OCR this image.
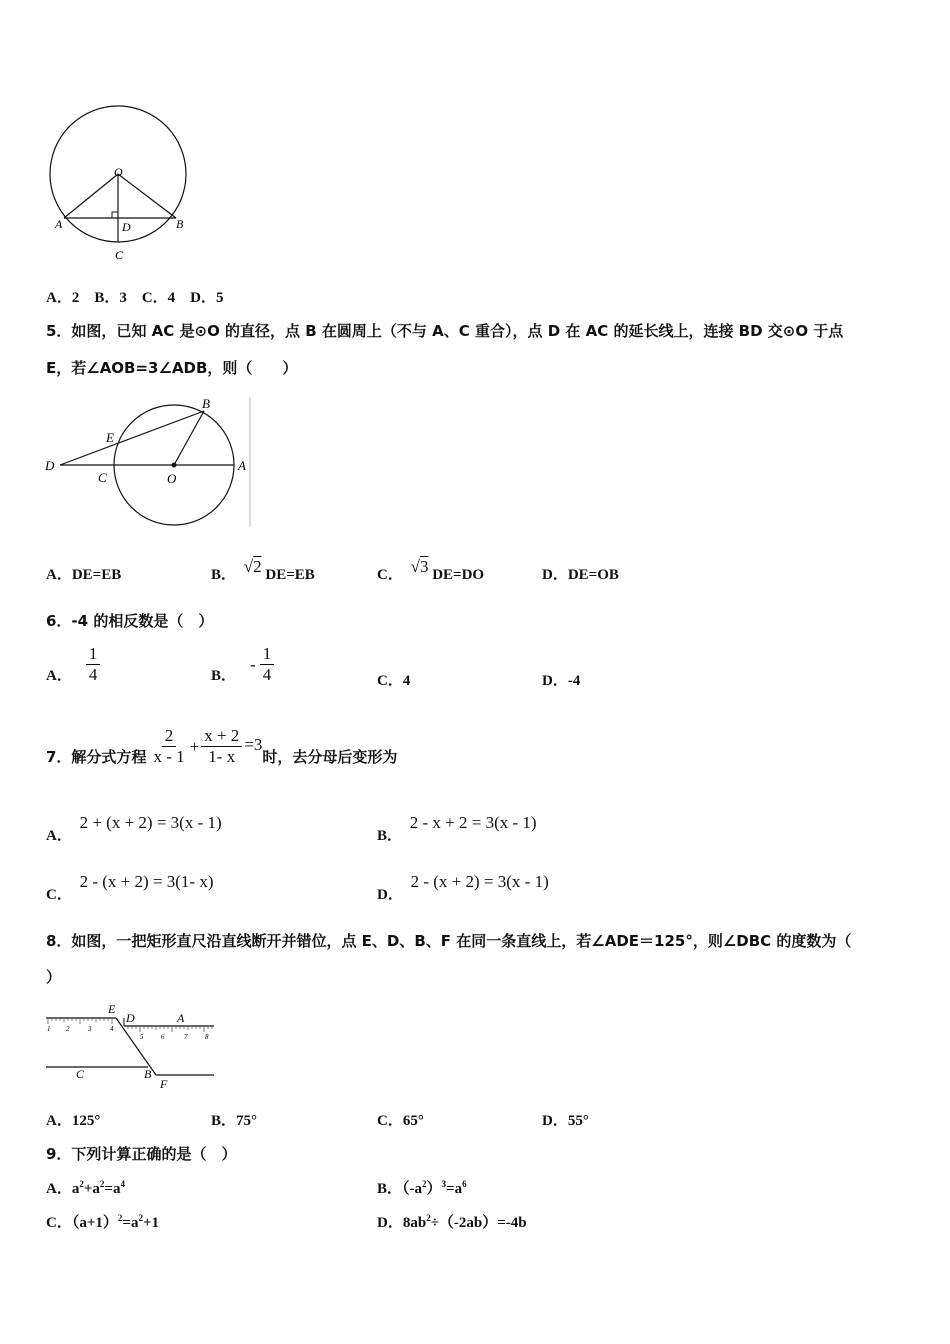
O
A	B
D
C
A．2　B．3　C．4　D．5
5．如图，已知 AC 是⊙O 的直径，点 B 在圆周上（不与 A、C 重合），点 D 在 AC 的延长线上，连接 BD 交⊙O 于点
E，若∠AOB=3∠ADB，则（　　）
B
E
D
C	O
A
A．DE=EB	B． √2 DE=EB	C． √3 DE=DO	D．DE=OB
6．-4 的相反数是（　）
A． $\frac{1}{4}$	B．
- $\frac{1}{4}$	C．4	D．-4
7．解分式方程 $\frac{2}{x - 1} + \frac{x + 2}{1- x} =3$
时，去分母后变形为
A． 2 + (x + 2) = 3(x - 1)
B． 2 - x + 2 = 3(x - 1)
C． 2 - (x + 2) = 3(1- x)
D． 2 - (x + 2) = 3(x - 1)
8．如图，一把矩形直尺沿直线断开并错位，点 E、D、B、F 在同一条直线上，若∠ADE＝125°，则∠DBC 的度数为（
）
1 2	3	4
5	6	7	8
E
D	A
C	B
F
A．125°	B．75°	C．65°	D．55°
9．下列计算正确的是（　）
A．$a^2+a^2=a^4$	B．$(-a^2)^3=a^6$
C．$(a+1)^2=a^2+1$	D．$8ab^2\div(-2ab)=-4b$
